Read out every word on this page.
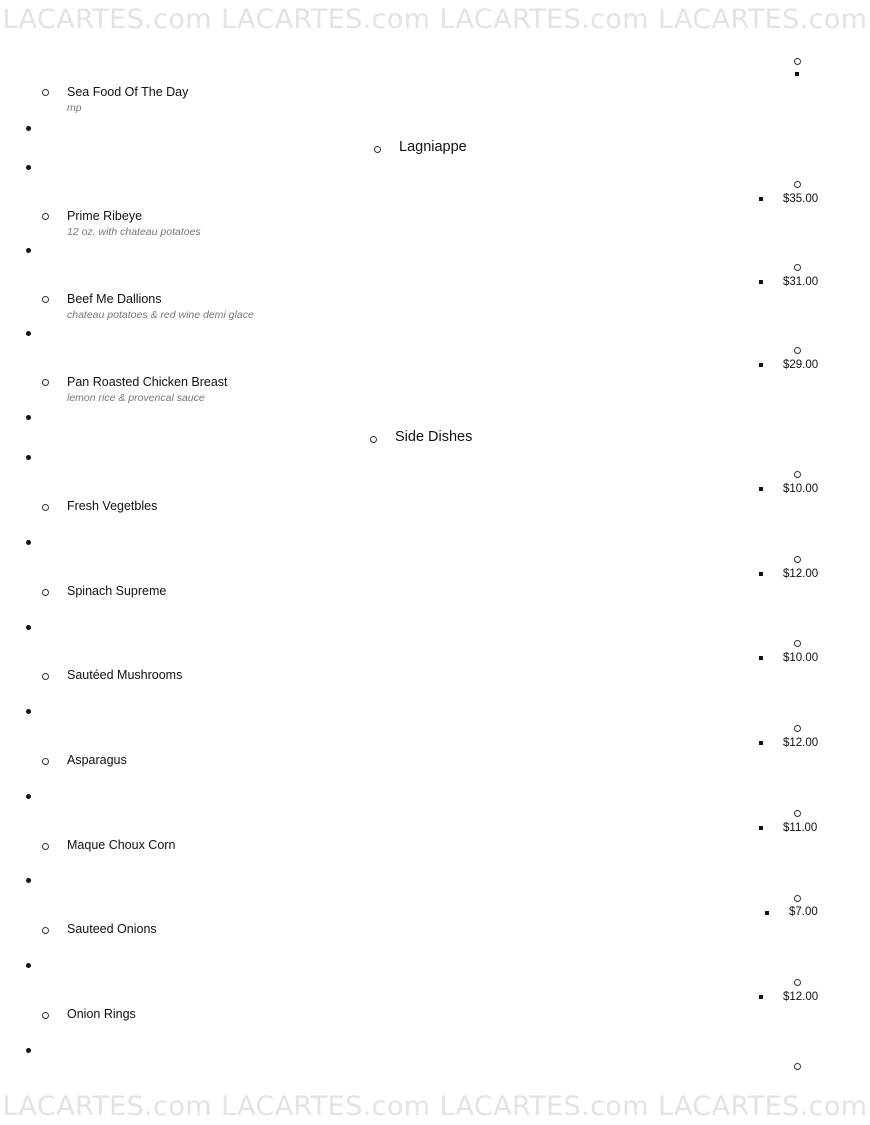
LACARTES.com LACARTES.com LACARTES.com LACARTES.com
LACARTES.com LACARTES.com LACARTES.com LACARTES.com
Sea Food Of The Day
mp
Lagniappe
$35.00
Prime Ribeye
12 oz. with chateau potatoes
$31.00
Beef Me Dallions
chateau potatoes & red wine demi glace
$29.00
Pan Roasted Chicken Breast
lemon rice & provencal sauce
Side Dishes
$10.00
Fresh Vegetbles
$12.00
Spinach Supreme
$10.00
Sautéed Mushrooms
$12.00
Asparagus
$11.00
Maque Choux Corn
$7.00
Sauteed Onions
$12.00
Onion Rings
